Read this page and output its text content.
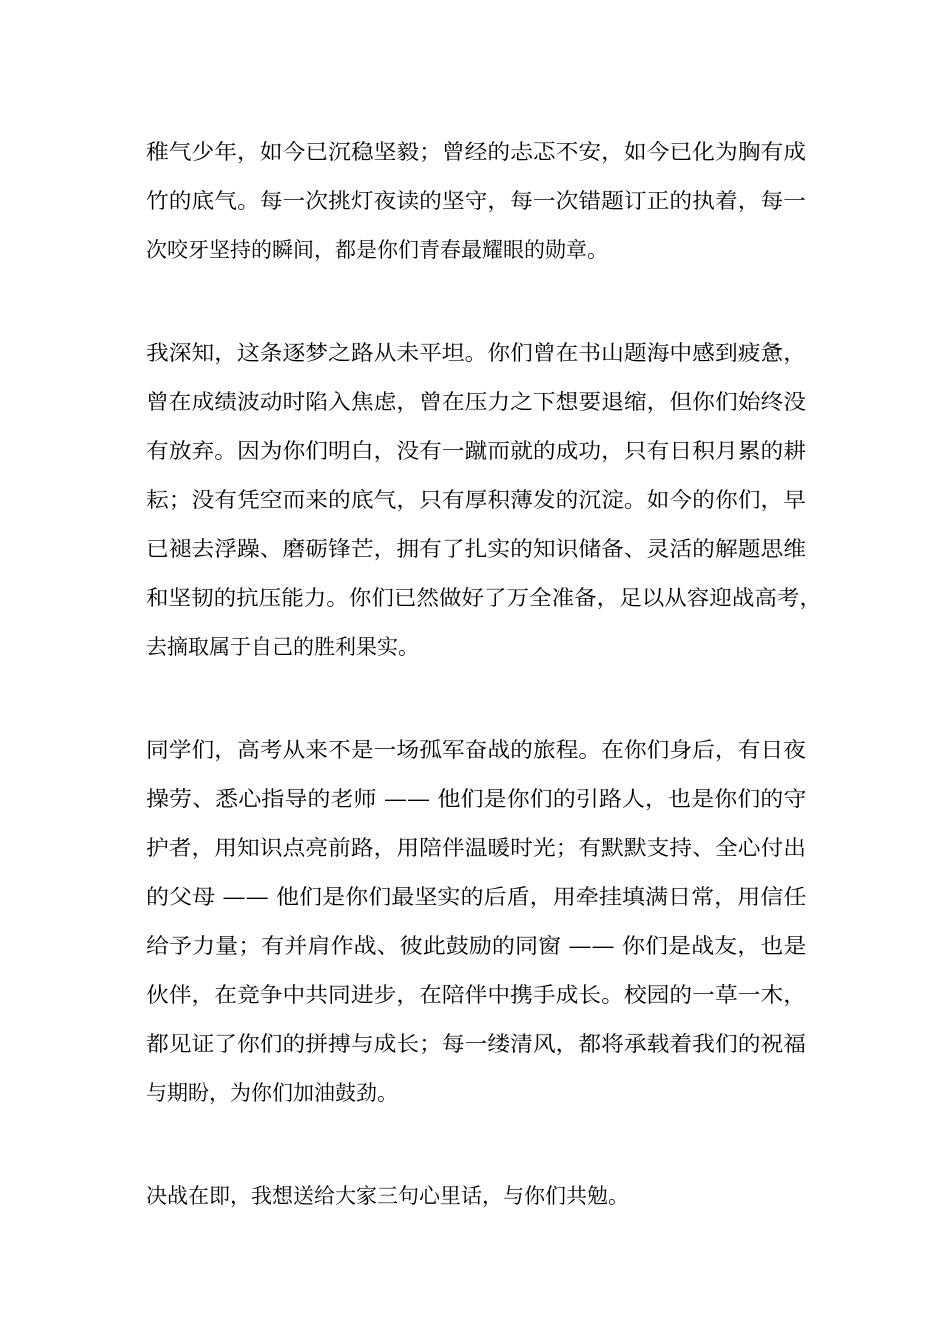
稚气少年，如今已沉稳坚毅；曾经的忐忑不安，如今已化为胸有成
竹的底气。每一次挑灯夜读的坚守，每一次错题订正的执着，每一
次咬牙坚持的瞬间，都是你们青春最耀眼的勋章。
我深知，这条逐梦之路从未平坦。你们曾在书山题海中感到疲惫，
曾在成绩波动时陷入焦虑，曾在压力之下想要退缩，但你们始终没
有放弃。因为你们明白，没有一蹴而就的成功，只有日积月累的耕
耘；没有凭空而来的底气，只有厚积薄发的沉淀。如今的你们，早
已褪去浮躁、磨砺锋芒，拥有了扎实的知识储备、灵活的解题思维
和坚韧的抗压能力。你们已然做好了万全准备，足以从容迎战高考，
去摘取属于自己的胜利果实。
同学们，高考从来不是一场孤军奋战的旅程。在你们身后，有日夜
操劳、悉心指导的老师 —— 他们是你们的引路人，也是你们的守
护者，用知识点亮前路，用陪伴温暖时光；有默默支持、全心付出
的父母 —— 他们是你们最坚实的后盾，用牵挂填满日常，用信任
给予力量；有并肩作战、彼此鼓励的同窗 —— 你们是战友，也是
伙伴，在竞争中共同进步，在陪伴中携手成长。校园的一草一木，
都见证了你们的拼搏与成长；每一缕清风，都将承载着我们的祝福
与期盼，为你们加油鼓劲。
决战在即，我想送给大家三句心里话，与你们共勉。
